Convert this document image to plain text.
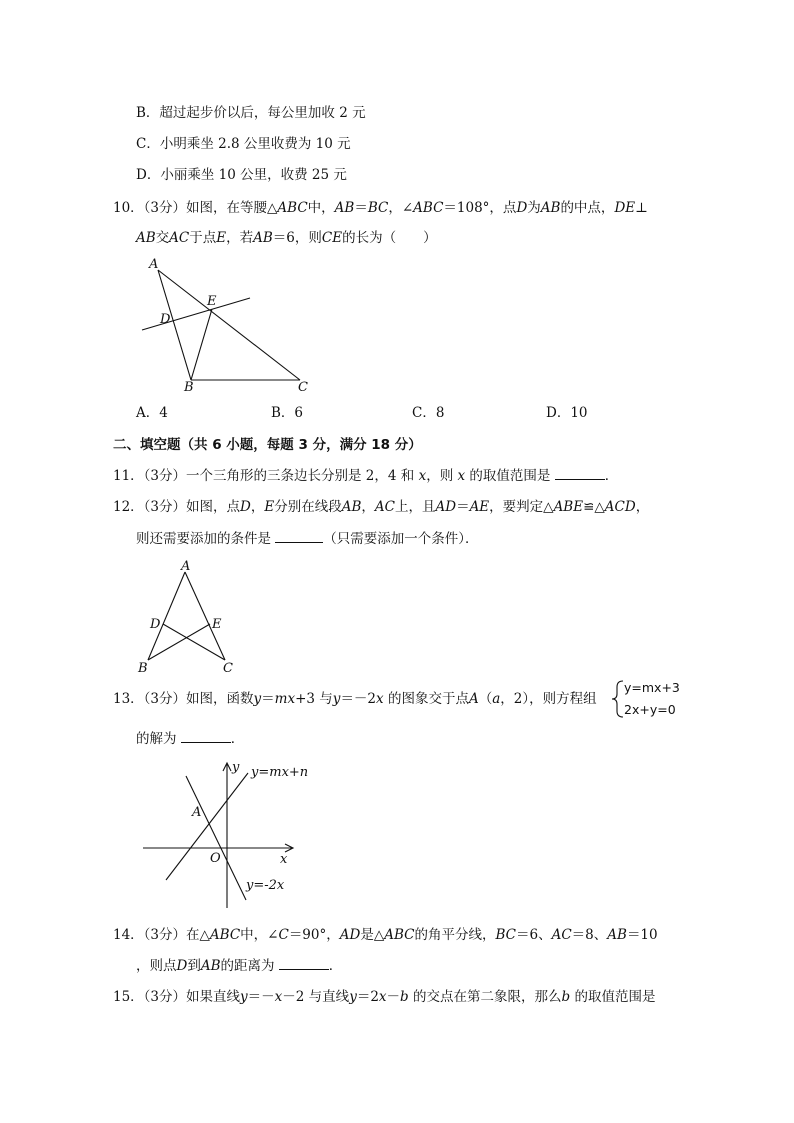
B．超过起步价以后，每公里加收 2 元
C．小明乘坐 2.8 公里收费为 10 元
D．小丽乘坐 10 公里，收费 25 元
10．（3分）如图，在等腰△ABC中，AB＝BC，∠ABC＝108°，点D为AB的中点，DE⊥
AB交AC于点E，若AB＝6，则CE的长为（　　）
A
D
E
B	C
A．4	B．6	C．8	D．10
二、填空题（共 6 小题，每题 3 分，满分 18 分）
11．（3分）一个三角形的三条边长分别是 2，4 和 x，则 x 的取值范围是	．
12．（3分）如图，点D，E分别在线段AB，AC上，且AD＝AE，要判定△ABE≌△ACD，
则还需要添加的条件是	（只需要添加一个条件）．
A
D	E
B	C
13．（3分）如图，函数y＝mx+3 与y＝－2x 的图象交于点A（a，2），则方程组
y=mx+3
2x+y=0
的解为	．
y y=mx+n
A
O	x
y=-2x
14．（3分）在△ABC中，∠C＝90°，AD是△ABC的角平分线，BC＝6、AC＝8、AB＝10
，则点D到AB的距离为	．
15．（3分）如果直线y＝－x－2 与直线y＝2x－b 的交点在第二象限，那么b 的取值范围是
